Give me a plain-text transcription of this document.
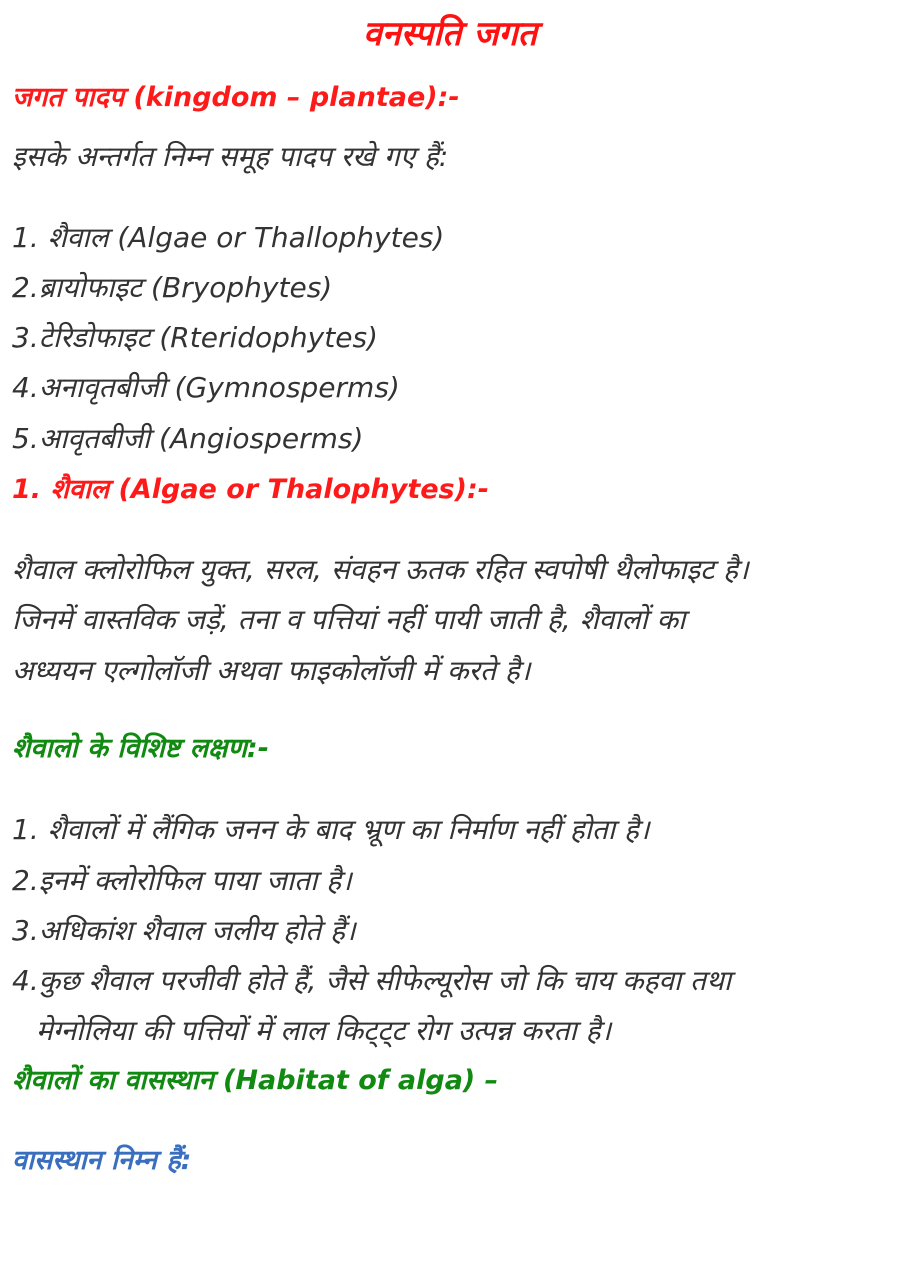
वनस्पति जगत
जगत पादप (kingdom – plantae):-
इसके अन्तर्गत निम्न समूह पादप रखे गए हैं:
1. शैवाल (Algae or Thallophytes)
2.ब्रायोफाइट (Bryophytes)
3.टेरिडोफाइट (Rteridophytes)
4.अनावृतबीजी (Gymnosperms)
5.आवृतबीजी (Angiosperms)
1. शैवाल (Algae or Thalophytes):-
शैवाल क्लोरोफिल युक्त, सरल, संवहन ऊतक रहित स्वपोषी थैलोफाइट है।
जिनमें वास्तविक जड़ें, तना व पत्तियां नहीं पायी जाती है, शैवालों का
अध्ययन एल्गोलॉजी अथवा फाइकोलॉजी में करते है।
शैवालो के विशिष्ट लक्षण:-
1. शैवालों में लैंगिक जनन के बाद भ्रूण का निर्माण नहीं होता है।
2.इनमें क्लोरोफिल पाया जाता है।
3.अधिकांश शैवाल जलीय होते हैं।
4.कुछ शैवाल परजीवी होते हैं, जैसे सीफेल्यूरोस जो कि चाय कहवा तथा
मेग्नोलिया की पत्तियों में लाल किट्ट्ट रोग उत्पन्न करता है।
शैवालों का वासस्थान (Habitat of alga) –
वासस्थान निम्न हैं:
